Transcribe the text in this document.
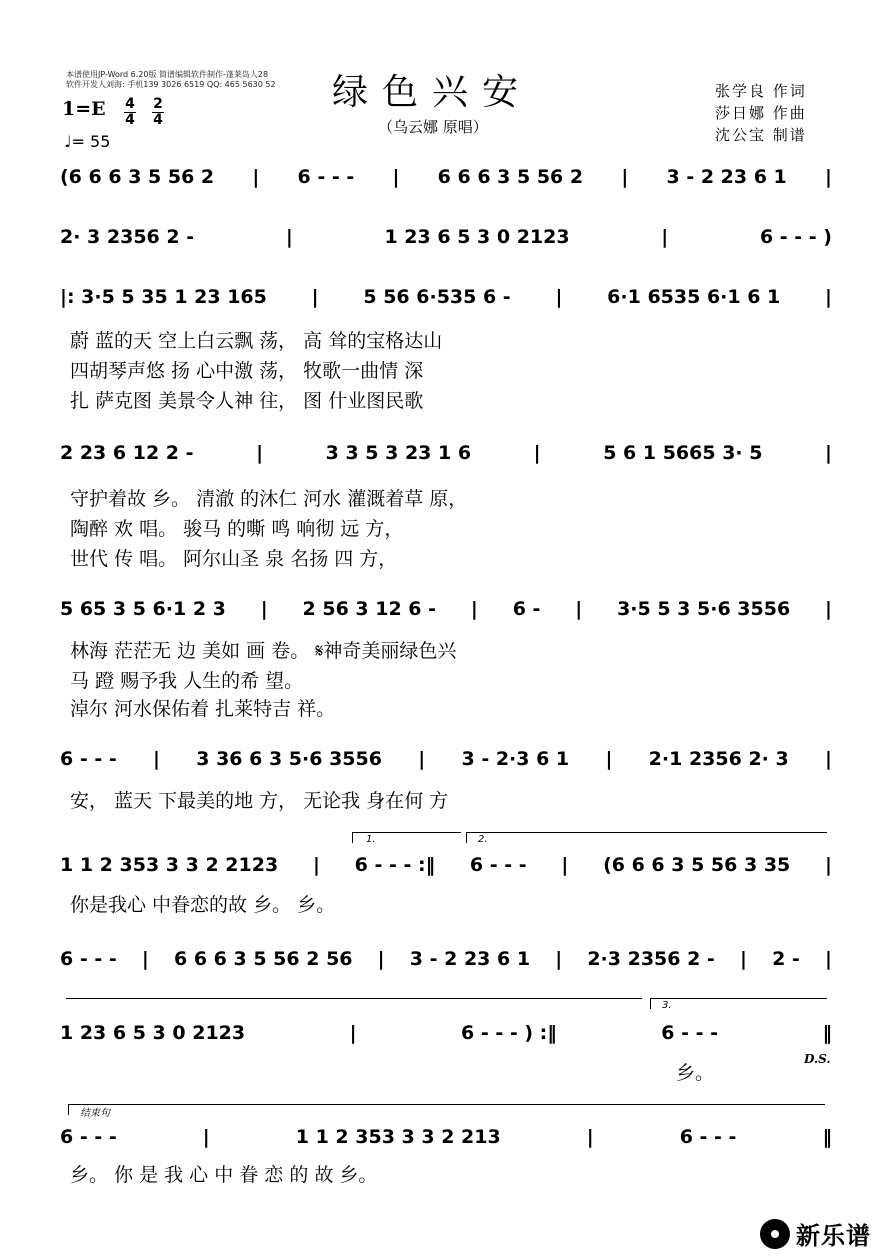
本谱使用JP-Word 6.20版 简谱编辑软件制作-蓬莱岛人28
软件开发人刘海: 手机139 3026 6519 QQ: 465 5630 52 绿色兴安
（乌云娜 原唱）
张学良 作词
莎日娜 作曲
沈公宝 制谱
1=E 4
4
2
4
♩= 55
(6 6 6 3 5 56 2 | 6 - - - | 6 6 6 3 5 56 2 | 3 - 2 23 6 1 |
2· 3 2356 2 -	|	1 23 6 5 3 0 2123	|	6 - - - )
|: 3·5 5 35 1 23 165 | 5 56 6·535 6 - | 6·1 6535 6·1 6 1 |
蔚 蓝的天 空上白云飘 荡， 高 耸的宝格达山
四胡琴声悠 扬 心中激 荡， 牧歌一曲情 深
扎 萨克图 美景令人神 往， 图 什业图民歌
2 23 6 12 2 -	|	3 3 5 3 23 1 6	|	5 6 1 5665 3· 5	|
守护着故 乡。 清澈 的沐仁 河水 灌溉着草 原，
陶醉 欢 唱。 骏马 的嘶 鸣 响彻 远 方，
世代 传 唱。 阿尔山圣 泉 名扬 四 方，
5 65 3 5 6·1 2 3 | 2 56 3 12 6 - | 6 - | 3·5 5 3 5·6 3556 |
林海 茫茫无 边 美如 画 卷。 𝄋神奇美丽绿色兴
马 蹬 赐予我 人生的希 望。
淖尔 河水保佑着 扎莱特吉 祥。
6 - - - | 3 36 6 3 5·6 3556 | 3 - 2·3 6 1 | 2·1 2356 2· 3 |
安， 蓝天 下最美的地 方， 无论我 身在何 方
1.	2.
1 1 2 353 3 3 2 2123 | 6 - - - :‖ 6 - - - | (6 6 6 3 5 56 3 35 |
你是我心 中眷恋的故 乡。 乡。
6 - - - | 6 6 6 3 5 56 2 56 | 3 - 2 23 6 1 | 2·3 2356 2 - | 2 - |
3.
1 23 6 5 3 0 2123	|	6 - - - ) :‖	6 - - -	‖
乡。
D.S.
结束句
6 - - -	|	1 1 2 353 3 3 2 213	|	6 - - -	‖
乡。 你 是 我 心 中 眷 恋 的 故 乡。
新乐谱
